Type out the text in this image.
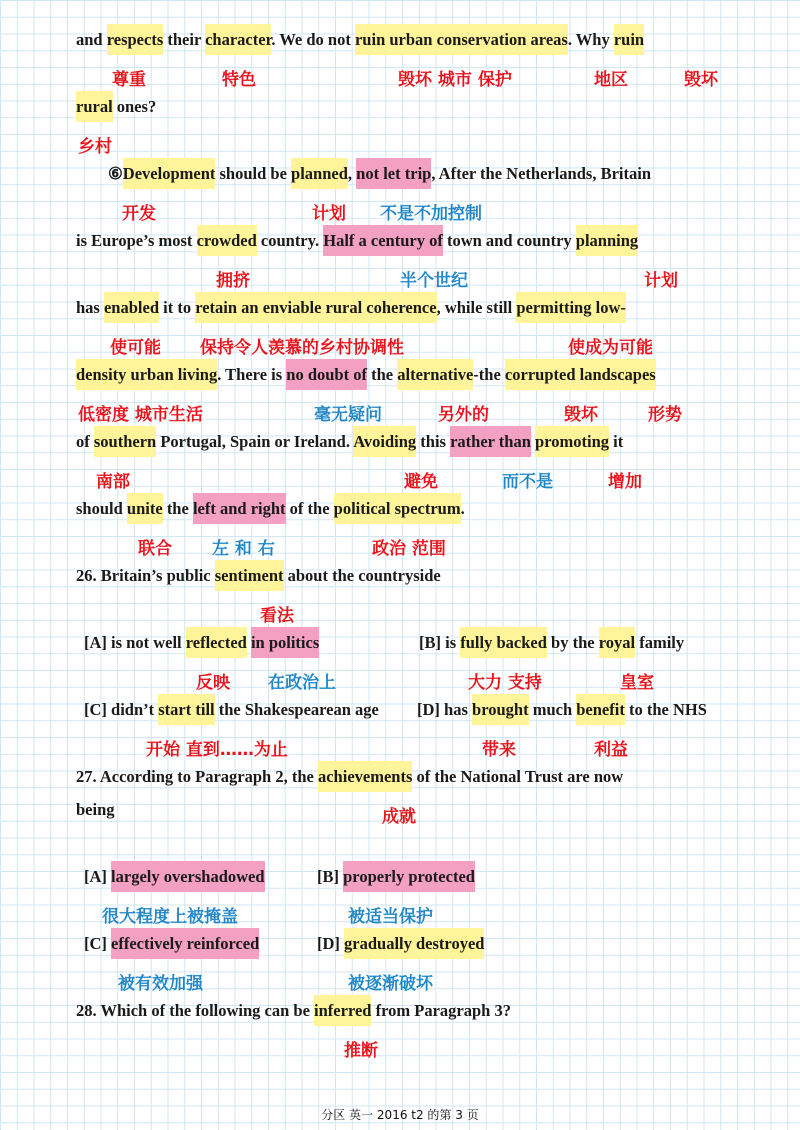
and respects their character. We do not ruin urban conservation areas. Why ruin
rural ones?
⑥Development should be planned, not let trip, After the Netherlands, Britain
is Europe’s most crowded country. Half a century of town and country planning
has enabled it to retain an enviable rural coherence, while still permitting low-
density urban living. There is no doubt of the alternative-the corrupted landscapes
of southern Portugal, Spain or Ireland. Avoiding this rather than promoting it
should unite the left and right of the political spectrum.
26. Britain’s public sentiment about the countryside
[A] is not well reflected in politics	[B] is fully backed by the royal family
[C] didn’t start till the Shakespearean age	[D] has brought much benefit to the NHS
27. According to Paragraph 2, the achievements of the National Trust are now
being
[A] largely overshadowed	[B] properly protected
[C] effectively reinforced	[D] gradually destroyed
28. Which of the following can be inferred from Paragraph 3?
尊重	特色	毁坏 城市 保护	地区	毁坏
乡村
开发	计划 不是不加控制
拥挤	半个世纪	计划
使可能 保持令人羡慕的乡村协调性	使成为可能
低密度 城市生活	毫无疑问	另外的	毁坏	形势
南部	避免	而不是	增加
联合 左 和 右	政治 范围
看法
反映 在政治上	大力 支持	皇室
开始 直到……为止	带来	利益
成就
很大程度上被掩盖	被适当保护
被有效加强	被逐渐破坏
推断
分区 英一 2016 t2 的第 3 页
